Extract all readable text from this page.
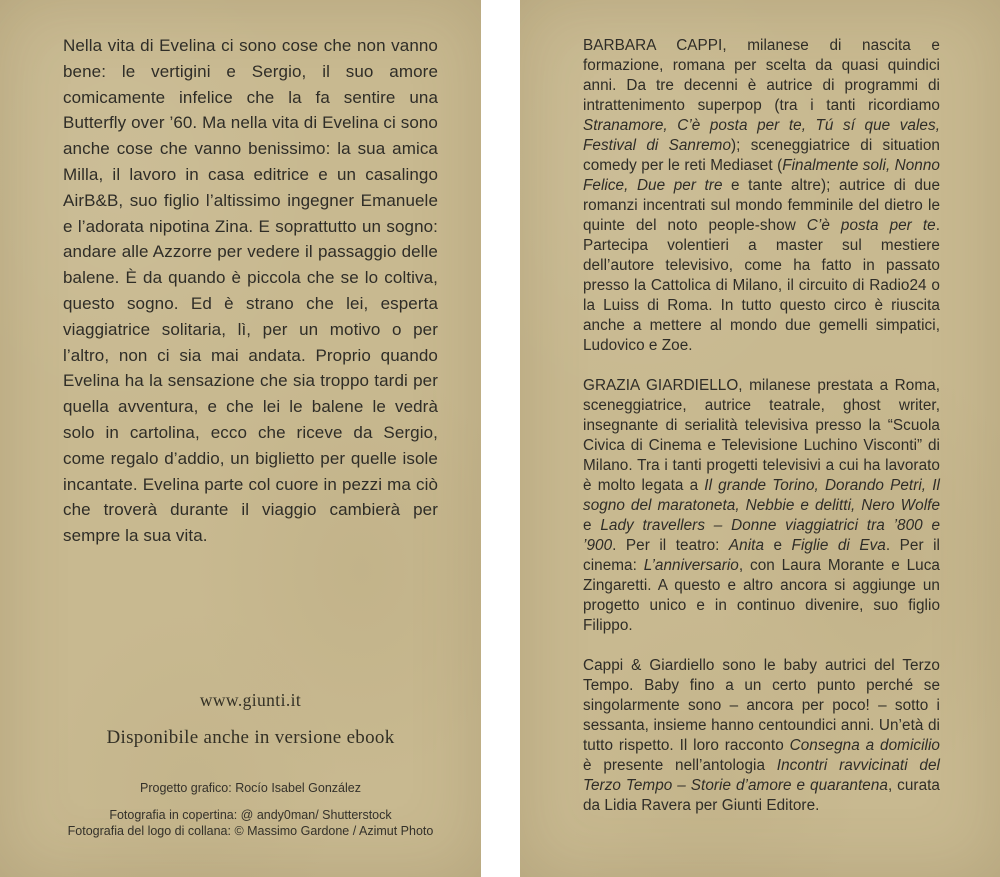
Nella vita di Evelina ci sono cose che non vanno bene: le vertigini e Sergio, il suo amore comicamente infelice che la fa sentire una Butterfly over ’60. Ma nella vita di Evelina ci sono anche cose che vanno benissimo: la sua amica Milla, il lavoro in casa editrice e un casalingo AirB&B, suo figlio l’altissimo ingegner Emanuele e l’adorata nipotina Zina. E soprattutto un sogno: andare alle Azzorre per vedere il passaggio delle balene. È da quando è piccola che se lo coltiva, questo sogno. Ed è strano che lei, esperta viaggiatrice solitaria, lì, per un motivo o per l’altro, non ci sia mai andata. Proprio quando Evelina ha la sensazione che sia troppo tardi per quella avventura, e che lei le balene le vedrà solo in cartolina, ecco che riceve da Sergio, come regalo d’addio, un biglietto per quelle isole incantate. Evelina parte col cuore in pezzi ma ciò che troverà durante il viaggio cambierà per sempre la sua vita.

www.giunti.it
Disponibile anche in versione ebook
Progetto grafico: Rocío Isabel González
Fotografia in copertina: @ andy0man/ Shutterstock
Fotografia del logo di collana: © Massimo Gardone / Azimut Photo

BARBARA CAPPI, milanese di nascita e formazione, romana per scelta da quasi quindici anni. Da tre decenni è autrice di programmi di intrattenimento superpop (tra i tanti ricordiamo Stranamore, C’è posta per te, Tú sí que vales, Festival di Sanremo); sceneggiatrice di situation comedy per le reti Mediaset (Finalmente soli, Nonno Felice, Due per tre e tante altre); autrice di due romanzi incentrati sul mondo femminile del dietro le quinte del noto people-show C’è posta per te. Partecipa volentieri a master sul mestiere dell’autore televisivo, come ha fatto in passato presso la Cattolica di Milano, il circuito di Radio24 o la Luiss di Roma. In tutto questo circo è riuscita anche a mettere al mondo due gemelli simpatici, Ludovico e Zoe.

GRAZIA GIARDIELLO, milanese prestata a Roma, sceneggiatrice, autrice teatrale, ghost writer, insegnante di serialità televisiva presso la “Scuola Civica di Cinema e Televisione Luchino Visconti” di Milano. Tra i tanti progetti televisivi a cui ha lavorato è molto legata a Il grande Torino, Dorando Petri, Il sogno del maratoneta, Nebbie e delitti, Nero Wolfe e Lady travellers – Donne viaggiatrici tra ’800 e ’900. Per il teatro: Anita e Figlie di Eva. Per il cinema: L’anniversario, con Laura Morante e Luca Zingaretti. A questo e altro ancora si aggiunge un progetto unico e in continuo divenire, suo figlio Filippo.

Cappi & Giardiello sono le baby autrici del Terzo Tempo. Baby fino a un certo punto perché se singolarmente sono – ancora per poco! – sotto i sessanta, insieme hanno centoundici anni. Un’età di tutto rispetto. Il loro racconto Consegna a domicilio è presente nell’antologia Incontri ravvicinati del Terzo Tempo – Storie d’amore e quarantena, curata da Lidia Ravera per Giunti Editore.
